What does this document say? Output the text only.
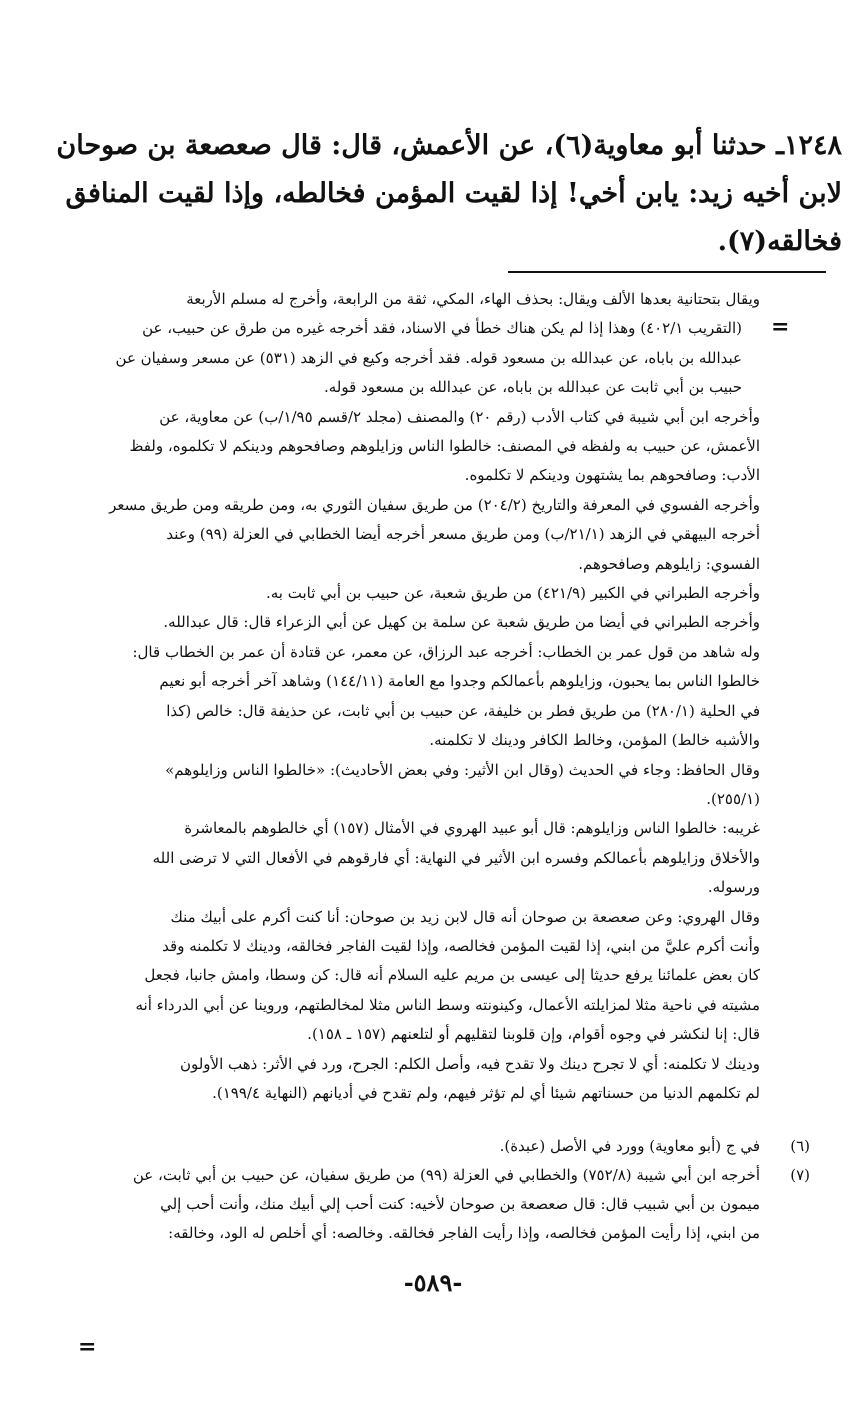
١٢٤٨ـ حدثنا أبو معاوية(٦)، عن الأعمش، قال: قال صعصعة بن صوحان

لابن أخيه زيد: يابن أخي! إذا لقيت المؤمن فخالطه، وإذا لقيت المنافق

فخالقه(٧).

=

ويقال بتحتانية بعدها الألف ويقال: بحذف الهاء، المكي، ثقة من الرابعة، وأخرج له مسلم الأربعة

(التقريب ٤٠٢/١) وهذا إذا لم يكن هناك خطأ في الاسناد، فقد أخرجه غيره من طرق عن حبيب، عن

عبدالله بن باباه، عن عبدالله بن مسعود قوله. فقد أخرجه وكيع في الزهد (٥٣١) عن مسعر وسفيان عن

حبيب بن أبي ثابت عن عبدالله بن باباه، عن عبدالله بن مسعود قوله.

وأخرجه ابن أبي شيبة في كتاب الأدب (رقم ٢٠) والمصنف (مجلد ٢/قسم ١/٩٥/ب) عن معاوية، عن

الأعمش، عن حبيب به ولفظه في المصنف: خالطوا الناس وزايلوهم وصافحوهم ودينكم لا تكلموه، ولفظ

الأدب: وصافحوهم بما يشتهون ودينكم لا تكلموه.

وأخرجه الفسوي في المعرفة والتاريخ (٢٠٤/٢) من طريق سفيان الثوري به، ومن طريقه ومن طريق مسعر

أخرجه البيهقي في الزهد (٢١/١/ب) ومن طريق مسعر أخرجه أيضا الخطابي في العزلة (٩٩) وعند

الفسوي: زايلوهم وصافحوهم.

وأخرجه الطبراني في الكبير (٤٢١/٩) من طريق شعبة، عن حبيب بن أبي ثابت به.

وأخرجه الطبراني في أيضا من طريق شعبة عن سلمة بن كهيل عن أبي الزعراء قال: قال عبدالله.

وله شاهد من قول عمر بن الخطاب: أخرجه عبد الرزاق، عن معمر، عن قتادة أن عمر بن الخطاب قال:

خالطوا الناس بما يحبون، وزايلوهم بأعمالكم وجدوا مع العامة (١٤٤/١١) وشاهد آخر أخرجه أبو نعيم

في الحلية (٢٨٠/١) من طريق فطر بن خليفة، عن حبيب بن أبي ثابت، عن حذيفة قال: خالص (كذا

والأشبه خالط) المؤمن، وخالط الكافر ودينك لا تكلمنه.

وقال الحافظ: وجاء في الحديث (وقال ابن الأثير: وفي بعض الأحاديث): «خالطوا الناس وزايلوهم»

(٢٥٥/١).

غريبه: خالطوا الناس وزايلوهم: قال أبو عبيد الهروي في الأمثال (١٥٧) أي خالطوهم بالمعاشرة

والأخلاق وزايلوهم بأعمالكم وفسره ابن الأثير في النهاية: أي فارقوهم في الأفعال التي لا ترضى الله

ورسوله.

وقال الهروي: وعن صعصعة بن صوحان أنه قال لابن زيد بن صوحان: أنا كنت أكرم على أبيك منك

وأنت أكرم عليَّ من ابني، إذا لقيت المؤمن فخالصه، وإذا لقيت الفاجر فخالقه، ودينك لا تكلمنه وقد

كان بعض علمائنا يرفع حديثا إلى عيسى بن مريم عليه السلام أنه قال: كن وسطا، وامش جانبا، فجعل

مشيته في ناحية مثلا لمزايلته الأعمال، وكينونته وسط الناس مثلا لمخالطتهم، وروينا عن أبي الدرداء أنه

قال: إنا لنكشر في وجوه أقوام، وإن قلوبنا لتقليهم أو لتلعنهم (١٥٧ ـ ١٥٨).

ودينك لا تكلمنه: أي لا تجرح دينك ولا تقدح فيه، وأصل الكلم: الجرح، ورد في الأثر: ذهب الأولون

لم تكلمهم الدنيا من حسناتهم شيئا أي لم تؤثر فيهم، ولم تقدح في أديانهم (النهاية ١٩٩/٤).

(٦)

في ج (أبو معاوية) وورد في الأصل (عبدة).

(٧)

أخرجه ابن أبي شيبة (٧٥٢/٨) والخطابي في العزلة (٩٩) من طريق سفيان، عن حبيب بن أبي ثابت، عن

ميمون بن أبي شبيب قال: قال صعصعة بن صوحان لأخيه: كنت أحب إلي أبيك منك، وأنت أحب إلي

من ابني، إذا رأيت المؤمن فخالصه، وإذا رأيت الفاجر فخالقه. وخالصه: أي أخلص له الود، وخالقه:

=
-٥٨٩-
